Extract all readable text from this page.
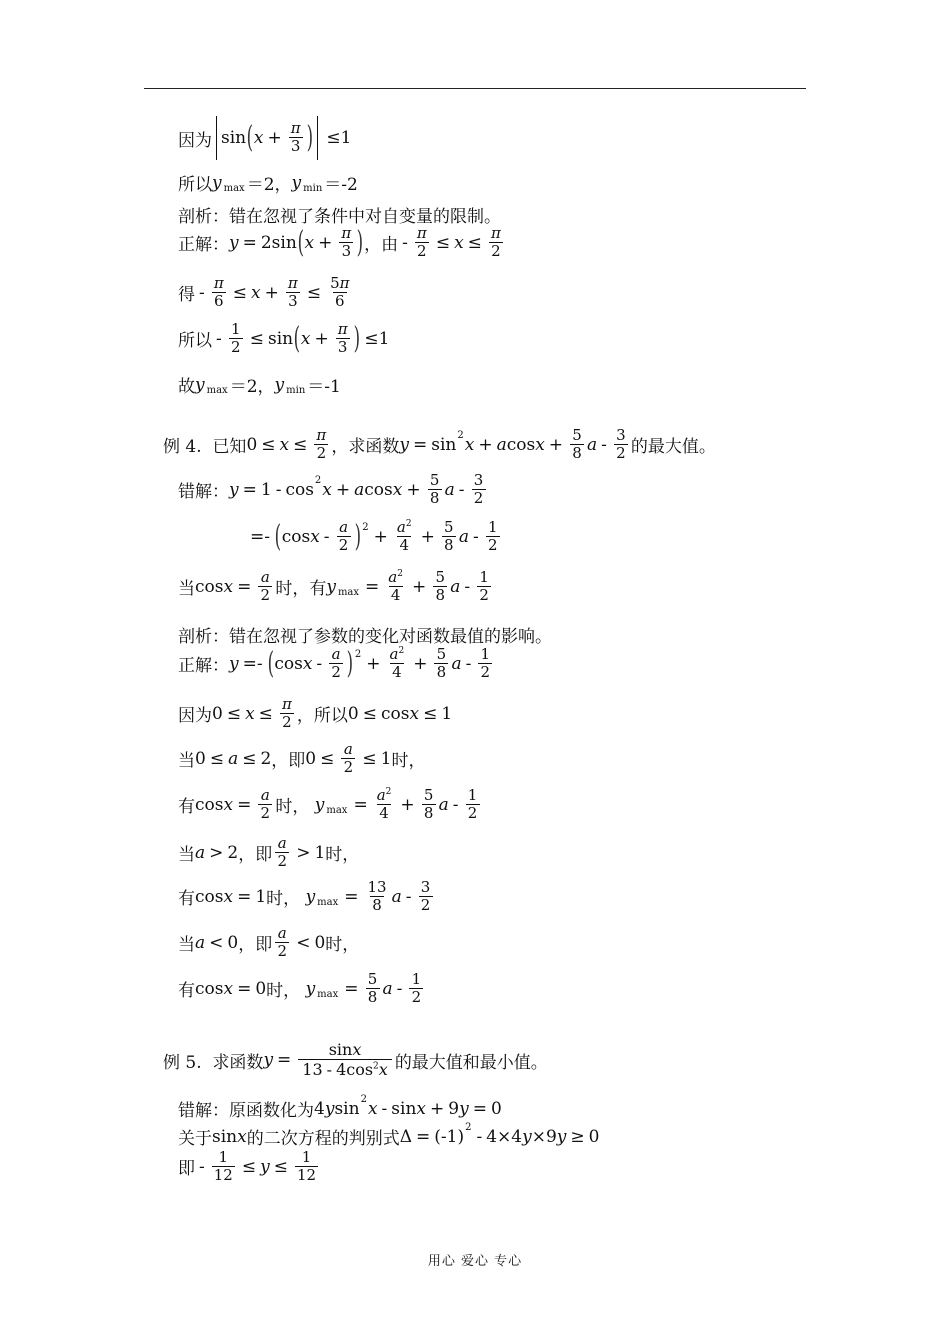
因为 sin ( $x + \frac{\pi}{3}$ ) ≤1
所以 y max ＝2， y min ＝-2
剖析：错在忽视了条件中对自变量的限制。
正解： y = 2sin ( $x + \frac{\pi}{3}$ ) ，由 - $\frac{\pi}{2} \le x \le \frac{\pi}{2}$
得 - $\frac{\pi}{6} \le x + \frac{\pi}{3} \le \frac{5\pi}{6}$
所以 - $\frac{1}{2} \le \sin$ ( $x + \frac{\pi}{3}$ ) ≤1
故 y max ＝2， y min ＝-1
例 4.
已知 $0 \le x \le \frac{\pi}{2}$ ，求函数 y = sin 2 x + a $\cos x + \frac{5}{8}$ a - $\frac{3}{2}$ 的最大值。
错解： y = 1 - cos 2 x + a $\cos x + \frac{5}{8}$ a - $\frac{3}{2}$
=- ( cos x - $\frac{a}{2}$ ) $2 + \frac{a^2}{4} + \frac{5}{8}$ a - $\frac{1}{2}$
当 $\cos x = \frac{a}{2}$ 时，有 y $\max = \frac{a^2}{4} + \frac{5}{8}$ a - $\frac{1}{2}$
剖析：错在忽视了参数的变化对函数最值的影响。
正解： y =- ( cos x - $\frac{a}{2}$ ) $2 + \frac{a^2}{4} + \frac{5}{8}$ a - $\frac{1}{2}$
因为 $0 \le x \le \frac{\pi}{2}$ ，所以 0 ≤ cos x ≤ 1
当 0 ≤ a ≤ 2 ，即 $0 \le \frac{a}{2} \le 1$ 时，
有 $\cos x = \frac{a}{2}$ 时，
y $\max = \frac{a^2}{4} + \frac{5}{8}$ a - $\frac{1}{2}$
当 a > 2 ，即 $\frac{a}{2} > 1$ 时，
有 cos x = 1 时，
y $\max = \frac{13}{8}$ a - $\frac{3}{2}$
当 a < 0 ，即 $\frac{a}{2} < 0$ 时，
有 cos x = 0 时，
y $\max = \frac{5}{8}$ a - $\frac{1}{2}$
例 5.
求函数 $y = \frac{\sin x}{13 - 4\cos^2x}$ 的最大值和最小值。
错解：原函数化为 4 y sin 2 x - sin x + 9 y = 0
关于 sin x 的二次方程的判别式 Δ = (-1) 2 - 4×4 y ×9 y ≥ 0
即 - $\frac{1}{12} \le y \le \frac{1}{12}$
用心 爱心 专心
